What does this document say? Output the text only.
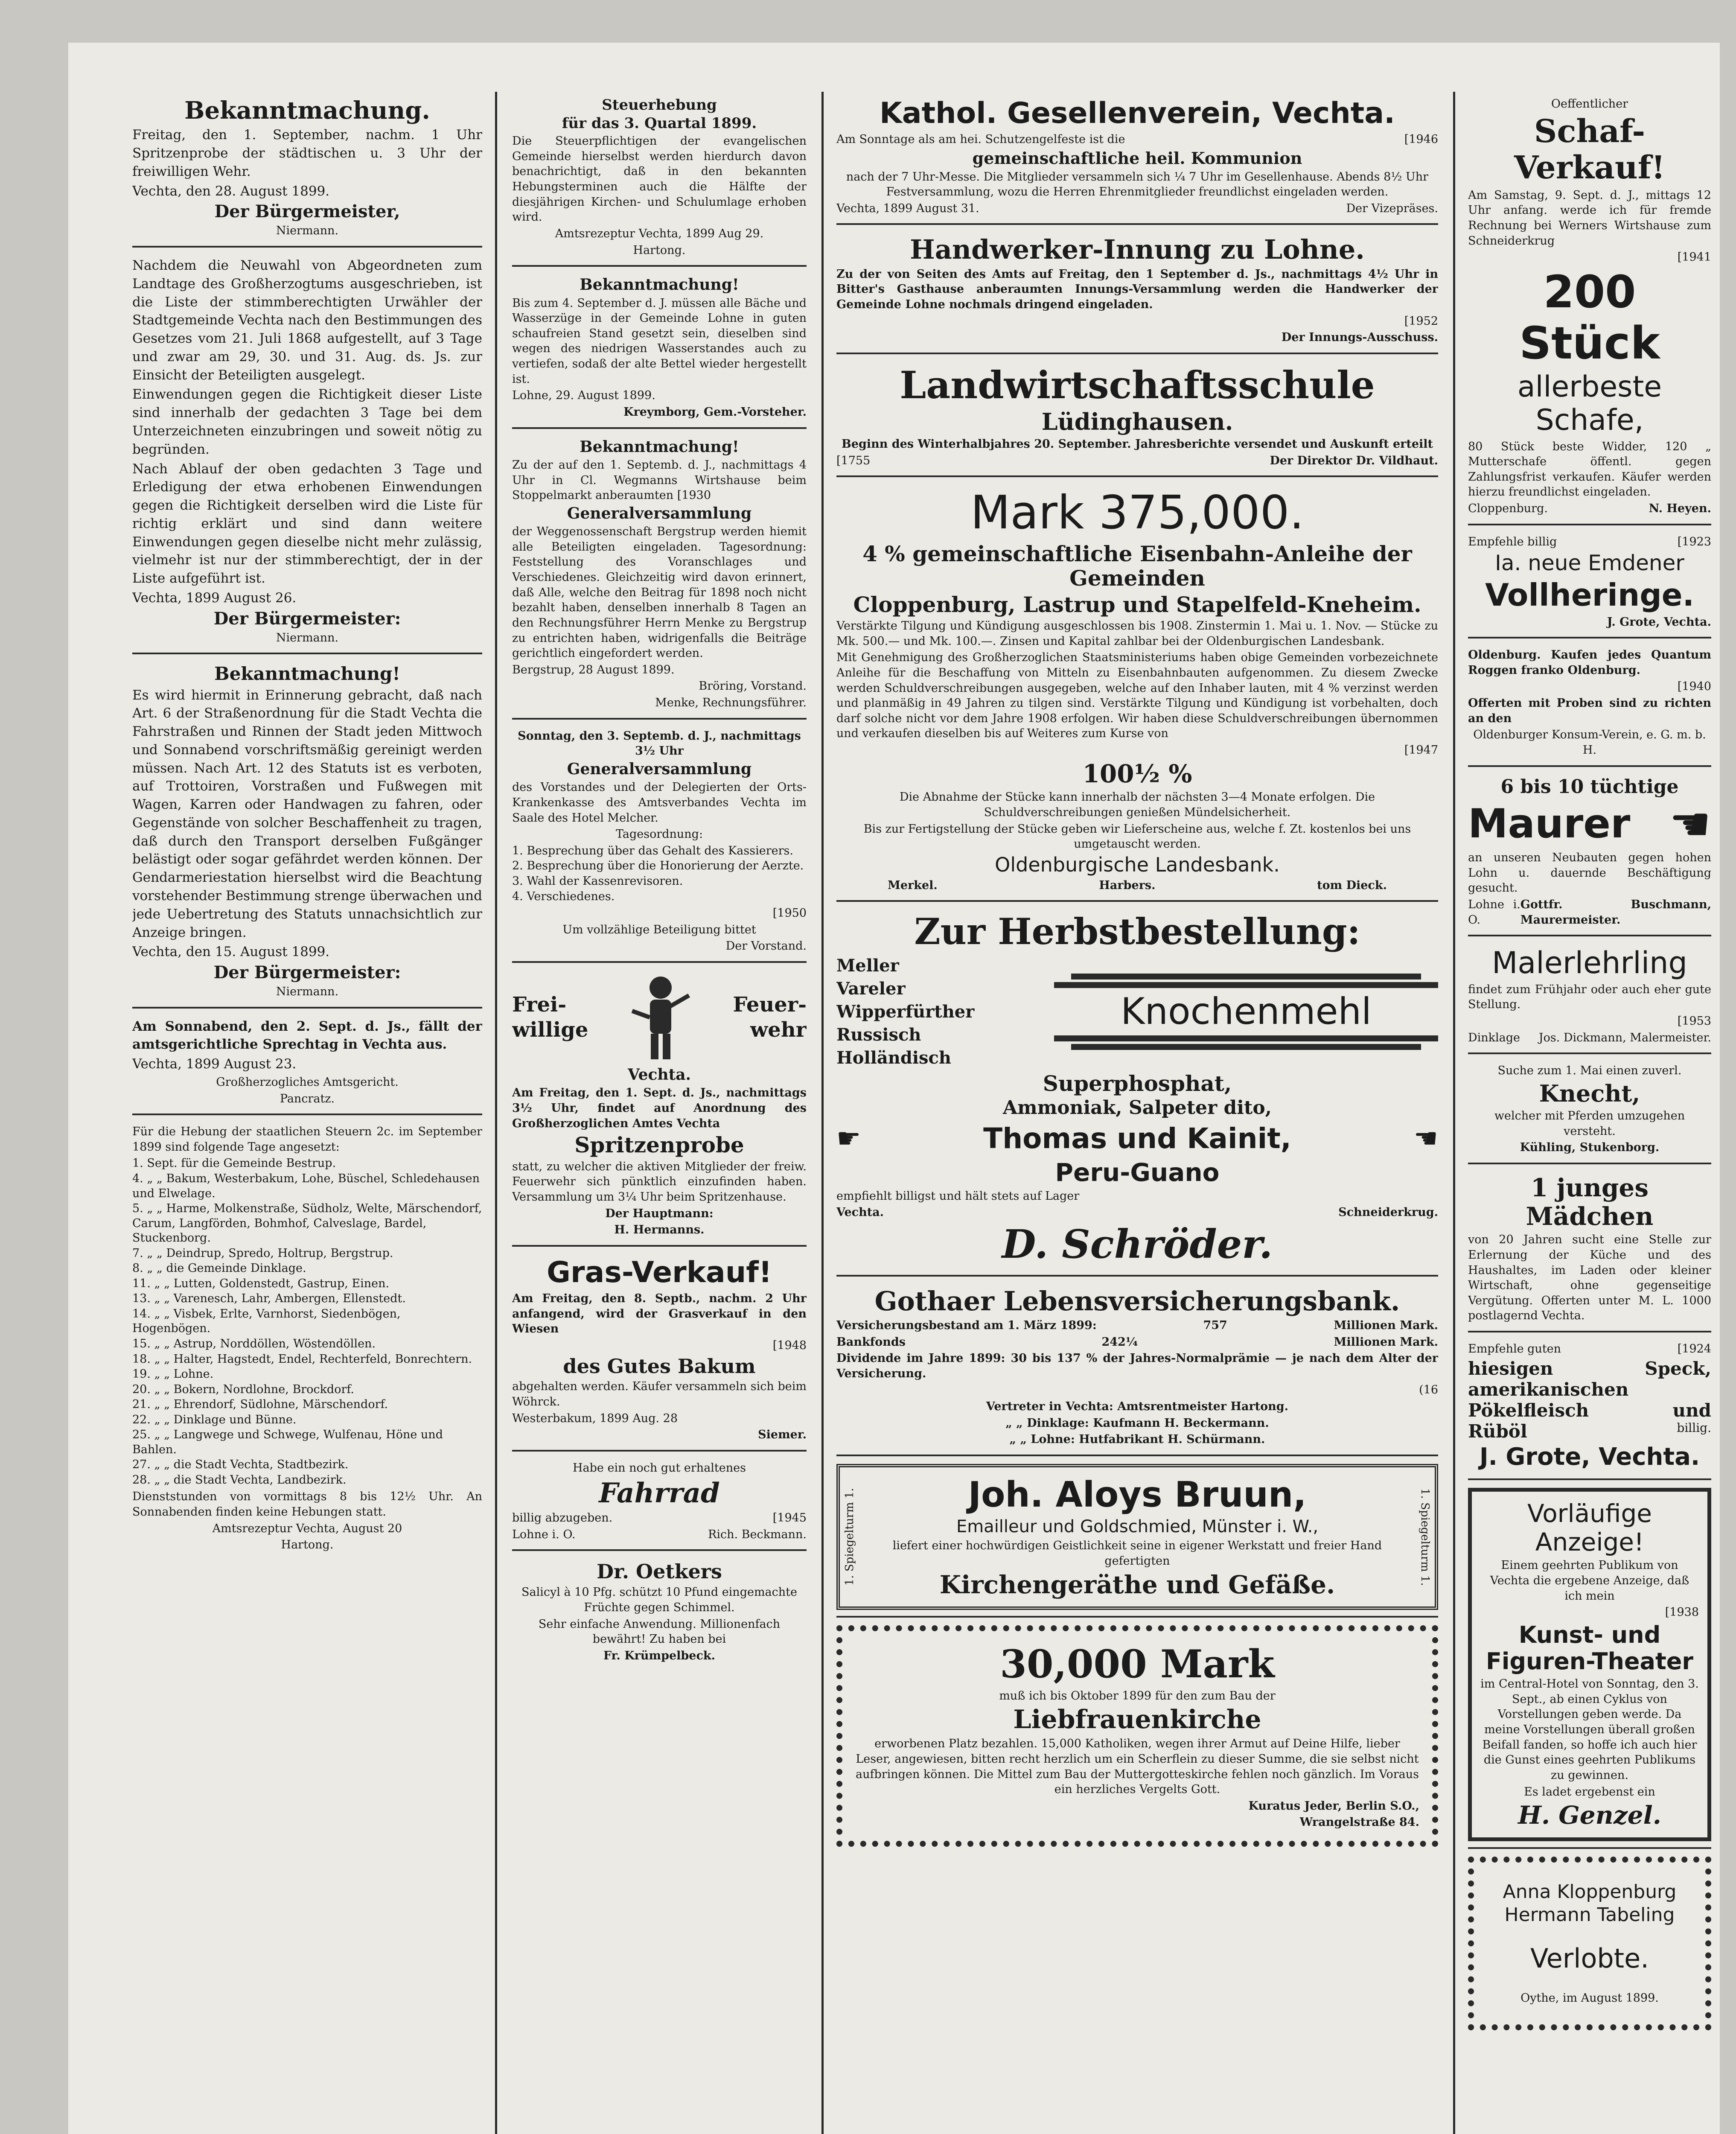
Bekanntmachung.
Freitag, den 1. September, nachm. 1 Uhr Spritzenprobe der städtischen u. 3 Uhr der freiwilligen Wehr.
Vechta, den 28. August 1899.
Der Bürgermeister,
Niermann.
Nachdem die Neuwahl von Abgeordneten zum Landtage des Großherzogtums ausgeschrieben, ist die Liste der stimmberechtigten Urwähler der Stadtgemeinde Vechta nach den Bestimmungen des Gesetzes vom 21. Juli 1868 aufgestellt, auf 3 Tage und zwar am 29, 30. und 31. Aug. ds. Js. zur Einsicht der Beteiligten ausgelegt.
Einwendungen gegen die Richtigkeit dieser Liste sind innerhalb der gedachten 3 Tage bei dem Unterzeichneten einzubringen und soweit nötig zu begründen.
Nach Ablauf der oben gedachten 3 Tage und Erledigung der etwa erhobenen Einwendungen gegen die Richtigkeit derselben wird die Liste für richtig erklärt und sind dann weitere Einwendungen gegen dieselbe nicht mehr zulässig, vielmehr ist nur der stimmberechtigt, der in der Liste aufgeführt ist.
Vechta, 1899 August 26.
Der Bürgermeister:
Niermann.
Bekanntmachung!
Es wird hiermit in Erinnerung gebracht, daß nach Art. 6 der Straßenordnung für die Stadt Vechta die Fahrstraßen und Rinnen der Stadt jeden Mittwoch und Sonnabend vorschriftsmäßig gereinigt werden müssen. Nach Art. 12 des Statuts ist es verboten, auf Trottoiren, Vorstraßen und Fußwegen mit Wagen, Karren oder Handwagen zu fahren, oder Gegenstände von solcher Beschaffenheit zu tragen, daß durch den Transport derselben Fußgänger belästigt oder sogar gefährdet werden können. Der Gendarmeriestation hierselbst wird die Beachtung vorstehender Bestimmung strenge überwachen und jede Uebertretung des Statuts unnachsichtlich zur Anzeige bringen.
Vechta, den 15. August 1899.
Der Bürgermeister:
Niermann.
Am Sonnabend, den 2. Sept. d. Js., fällt der amtsgerichtliche Sprechtag in Vechta aus.
Vechta, 1899 August 23.
Großherzogliches Amtsgericht.
Pancratz.
Für die Hebung der staatlichen Steuern 2c. im September 1899 sind folgende Tage angesetzt:
1. Sept. für die Gemeinde Bestrup.
4. „ „ Bakum, Westerbakum, Lohe, Büschel, Schledehausen und Elwelage.
5. „ „ Harme, Molkenstraße, Südholz, Welte, Märschendorf, Carum, Langförden, Bohmhof, Calveslage, Bardel, Stuckenborg.
7. „ „ Deindrup, Spredo, Holtrup, Bergstrup.
8. „ „ die Gemeinde Dinklage.
11. „ „ Lutten, Goldenstedt, Gastrup, Einen.
13. „ „ Varenesch, Lahr, Ambergen, Ellenstedt.
14. „ „ Visbek, Erlte, Varnhorst, Siedenbögen, Hogenbögen.
15. „ „ Astrup, Norddöllen, Wöstendöllen.
18. „ „ Halter, Hagstedt, Endel, Rechterfeld, Bonrechtern.
19. „ „ Lohne.
20. „ „ Bokern, Nordlohne, Brockdorf.
21. „ „ Ehrendorf, Südlohne, Märschendorf.
22. „ „ Dinklage und Bünne.
25. „ „ Langwege und Schwege, Wulfenau, Höne und Bahlen.
27. „ „ die Stadt Vechta, Stadtbezirk.
28. „ „ die Stadt Vechta, Landbezirk.
Dienststunden von vormittags 8 bis 12½ Uhr. An Sonnabenden finden keine Hebungen statt.
Amtsrezeptur Vechta, August 20
Hartong.
Steuerhebung
für das 3. Quartal 1899.
Die Steuerpflichtigen der evangelischen Gemeinde hierselbst werden hierdurch davon benachrichtigt, daß in den bekannten Hebungsterminen auch die Hälfte der diesjährigen Kirchen- und Schulumlage erhoben wird.
Amtsrezeptur Vechta, 1899 Aug 29.
Hartong.
Bekanntmachung!
Bis zum 4. September d. J. müssen alle Bäche und Wasserzüge in der Gemeinde Lohne in guten schaufreien Stand gesetzt sein, dieselben sind wegen des niedrigen Wasserstandes auch zu vertiefen, sodaß der alte Bettel wieder hergestellt ist.
Lohne, 29. August 1899.
Kreymborg, Gem.-Vorsteher.
Bekanntmachung!
Zu der auf den 1. Septemb. d. J., nachmittags 4 Uhr in Cl. Wegmanns Wirtshause beim Stoppelmarkt anberaumten [1930
Generalversammlung
der Weggenossenschaft Bergstrup werden hiemit alle Beteiligten eingeladen. Tagesordnung: Feststellung des Voranschlages und Verschiedenes. Gleichzeitig wird davon erinnert, daß Alle, welche den Beitrag für 1898 noch nicht bezahlt haben, denselben innerhalb 8 Tagen an den Rechnungsführer Herrn Menke zu Bergstrup zu entrichten haben, widrigenfalls die Beiträge gerichtlich eingefordert werden.
Bergstrup, 28 August 1899.
Bröring, Vorstand.
Menke, Rechnungsführer.
Sonntag, den 3. Septemb. d. J., nachmittags 3½ Uhr
Generalversammlung
des Vorstandes und der Delegierten der Orts-Krankenkasse des Amtsverbandes Vechta im Saale des Hotel Melcher.
Tagesordnung:
1. Besprechung über das Gehalt des Kassierers.
2. Besprechung über die Honorierung der Aerzte.
3. Wahl der Kassenrevisoren.
4. Verschiedenes.
[1950
Um vollzählige Beteiligung bittet
Der Vorstand.
Frei-
willige
Feuer-
wehr
Vechta.
Am Freitag, den 1. Sept. d. Js., nachmittags 3½ Uhr, findet auf Anordnung des Großherzoglichen Amtes Vechta
Spritzenprobe
statt, zu welcher die aktiven Mitglieder der freiw. Feuerwehr sich pünktlich einzufinden haben. Versammlung um 3¼ Uhr beim Spritzenhause.
Der Hauptmann:
H. Hermanns.
Gras-Verkauf!
Am Freitag, den 8. Septb., nachm. 2 Uhr anfangend, wird der Grasverkauf in den Wiesen
[1948
des Gutes Bakum
abgehalten werden. Käufer versammeln sich beim Wöhrck.
Westerbakum, 1899 Aug. 28
Siemer.
Habe ein noch gut erhaltenes
Fahrrad
billig abzugeben.	[1945
Lohne i. O.	Rich. Beckmann.
Dr. Oetkers
Salicyl à 10 Pfg. schützt 10 Pfund eingemachte Früchte gegen Schimmel.
Sehr einfache Anwendung. Millionenfach bewährt! Zu haben bei
Fr. Krümpelbeck.
Kathol. Gesellenverein, Vechta.
Am Sonntage als am hei. Schutzengelfeste ist die	[1946
gemeinschaftliche heil. Kommunion
nach der 7 Uhr-Messe. Die Mitglieder versammeln sich ¼ 7 Uhr im Gesellenhause. Abends 8½ Uhr Festversammlung, wozu die Herren Ehrenmitglieder freundlichst eingeladen werden.
Vechta, 1899 August 31.	Der Vizepräses.
Handwerker-Innung zu Lohne.
Zu der von Seiten des Amts auf Freitag, den 1 September d. Js., nachmittags 4½ Uhr in Bitter's Gasthause anberaumten Innungs-Versammlung werden die Handwerker der Gemeinde Lohne nochmals dringend eingeladen.
[1952
Der Innungs-Ausschuss.
Landwirtschaftsschule
Lüdinghausen.
Beginn des Winterhalbjahres 20. September. Jahresberichte versendet und Auskunft erteilt
[1755	Der Direktor Dr. Vildhaut.
Mark 375,000.
4 % gemeinschaftliche Eisenbahn-Anleihe der Gemeinden
Cloppenburg, Lastrup und Stapelfeld-Kneheim.
Verstärkte Tilgung und Kündigung ausgeschlossen bis 1908. Zinstermin 1. Mai u. 1. Nov. — Stücke zu Mk. 500.— und Mk. 100.—. Zinsen und Kapital zahlbar bei der Oldenburgischen Landesbank.
Mit Genehmigung des Großherzoglichen Staatsministeriums haben obige Gemeinden vorbezeichnete Anleihe für die Beschaffung von Mitteln zu Eisenbahnbauten aufgenommen. Zu diesem Zwecke werden Schuldverschreibungen ausgegeben, welche auf den Inhaber lauten, mit 4 % verzinst werden und planmäßig in 49 Jahren zu tilgen sind. Verstärkte Tilgung und Kündigung ist vorbehalten, doch darf solche nicht vor dem Jahre 1908 erfolgen. Wir haben diese Schuldverschreibungen übernommen und verkaufen dieselben bis auf Weiteres zum Kurse von
[1947
100½ %
Die Abnahme der Stücke kann innerhalb der nächsten 3—4 Monate erfolgen. Die Schuldverschreibungen genießen Mündelsicherheit.
Bis zur Fertigstellung der Stücke geben wir Lieferscheine aus, welche f. Zt. kostenlos bei uns umgetauscht werden.
Oldenburgische Landesbank.
Merkel.	Harbers.	tom Dieck.
Zur Herbstbestellung:
Meller
Vareler
Wipperfürther
Russisch
Holländisch
Knochenmehl
Superphosphat,
Ammoniak, Salpeter dito,
☛	Thomas und Kainit,	☚
Peru-Guano
empfiehlt billigst und hält stets auf Lager
Vechta.	Schneiderkrug.
D. Schröder.
Gothaer Lebensversicherungsbank.
Versicherungsbestand am 1. März 1899:	757	Millionen Mark.
Bankfonds	242¼	Millionen Mark.
Dividende im Jahre 1899: 30 bis 137 % der Jahres-Normalprämie — je nach dem Alter der Versicherung.
(16
Vertreter in Vechta: Amtsrentmeister Hartong.
„ „ Dinklage: Kaufmann H. Beckermann.
„ „ Lohne: Hutfabrikant H. Schürmann.
1. Spiegelturm 1.	1. Spiegelturm 1.
Joh. Aloys Bruun,
Emailleur und Goldschmied, Münster i. W.,
liefert einer hochwürdigen Geistlichkeit seine in eigener Werkstatt und freier Hand gefertigten
Kirchengeräthe und Gefäße.
30,000 Mark
muß ich bis Oktober 1899 für den zum Bau der
Liebfrauenkirche
erworbenen Platz bezahlen. 15,000 Katholiken, wegen ihrer Armut auf Deine Hilfe, lieber Leser, angewiesen, bitten recht herzlich um ein Scherflein zu dieser Summe, die sie selbst nicht aufbringen können. Die Mittel zum Bau der Muttergotteskirche fehlen noch gänzlich. Im Voraus ein herzliches Vergelts Gott.
Kuratus Jeder, Berlin S.O.,
Wrangelstraße 84.
Oeffentlicher
Schaf-Verkauf!
Am Samstag, 9. Sept. d. J., mittags 12 Uhr anfang. werde ich für fremde Rechnung bei Werners Wirtshause zum Schneiderkrug
[1941
200 Stück
allerbeste Schafe,
80 Stück beste Widder, 120 „ Mutterschafe öffentl. gegen Zahlungsfrist verkaufen. Käufer werden hierzu freundlichst eingeladen.
Cloppenburg.	N. Heyen.
Empfehle billig	[1923
Ia. neue Emdener
Vollheringe.
J. Grote, Vechta.
Oldenburg. Kaufen jedes Quantum Roggen franko Oldenburg.
[1940
Offerten mit Proben sind zu richten an den
Oldenburger Konsum-Verein, e. G. m. b. H.
6 bis 10 tüchtige
Maurer ☚
an unseren Neubauten gegen hohen Lohn u. dauernde Beschäftigung gesucht.
Lohne i. O.
Gottfr. Buschmann, Maurermeister.
Malerlehrling
findet zum Frühjahr oder auch eher gute Stellung.
[1953
Dinklage Jos. Dickmann, Malermeister.
Suche zum 1. Mai einen zuverl.
Knecht,
welcher mit Pferden umzugehen versteht.
Kühling, Stukenborg.
1 junges Mädchen
von 20 Jahren sucht eine Stelle zur Erlernung der Küche und des Haushaltes, im Laden oder kleiner Wirtschaft, ohne gegenseitige Vergütung. Offerten unter M. L. 1000 postlagernd Vechta.
Empfehle guten	[1924
hiesigen	Speck,
amerikanischen
Pökelfleisch	und
Rüböl	billig.
J. Grote, Vechta.
Vorläufige Anzeige!
Einem geehrten Publikum von Vechta die ergebene Anzeige, daß ich mein
[1938
Kunst- und Figuren-Theater
im Central-Hotel von Sonntag, den 3. Sept., ab einen Cyklus von Vorstellungen geben werde. Da meine Vorstellungen überall großen Beifall fanden, so hoffe ich auch hier die Gunst eines geehrten Publikums zu gewinnen.
Es ladet ergebenst ein
H. Genzel.
Anna Kloppenburg
Hermann Tabeling
Verlobte.
Oythe, im August 1899.
